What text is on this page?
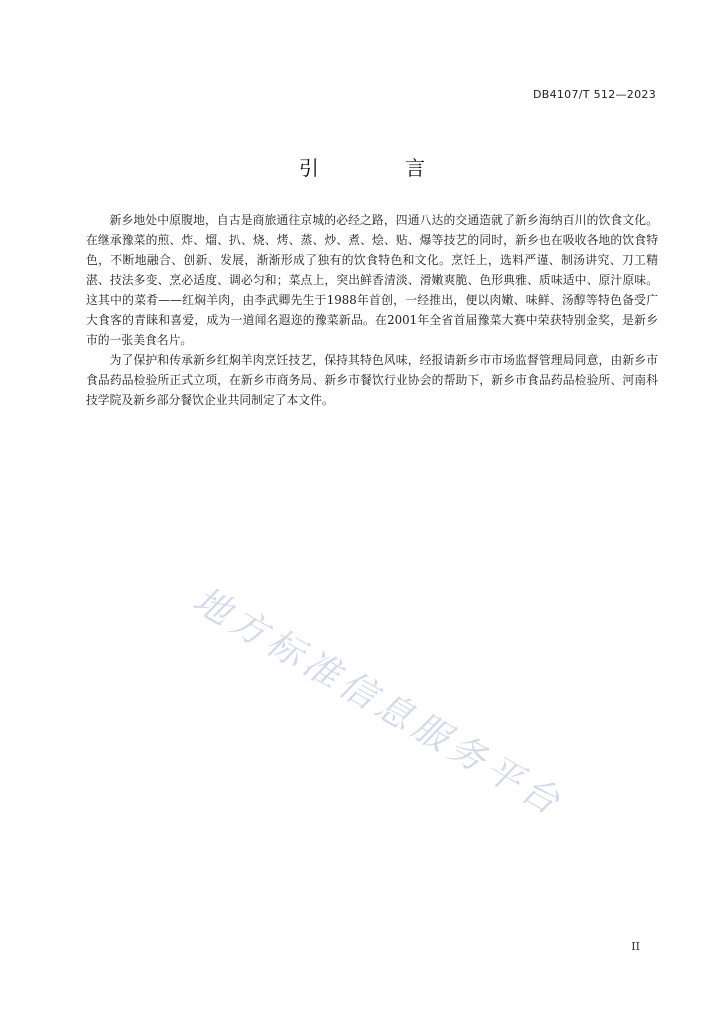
DB4107/T 512—2023
引 言

新乡地处中原腹地，自古是商旅通往京城的必经之路，四通八达的交通造就了新乡海纳百川的饮食文化。在继承豫菜的煎、炸、熘、扒、烧、烤、蒸、炒、煮、烩、贴、爆等技艺的同时，新乡也在吸收各地的饮食特色，不断地融合、创新、发展，渐渐形成了独有的饮食特色和文化。烹饪上，选料严谨、制汤讲究、刀工精湛、技法多变、烹必适度、调必匀和；菜点上，突出鲜香清淡、滑嫩爽脆、色形典雅、质味适中、原汁原味。这其中的菜肴——红焖羊肉，由李武卿先生于1988年首创，一经推出，便以肉嫩、味鲜、汤醇等特色备受广大食客的青睐和喜爱，成为一道闻名遐迩的豫菜新品。在2001年全省首届豫菜大赛中荣获特别金奖，是新乡市的一张美食名片。

为了保护和传承新乡红焖羊肉烹饪技艺，保持其特色风味，经报请新乡市市场监督管理局同意，由新乡市食品药品检验所正式立项，在新乡市商务局、新乡市餐饮行业协会的帮助下，新乡市食品药品检验所、河南科技学院及新乡部分餐饮企业共同制定了本文件。

地方标准信息服务平台
II
